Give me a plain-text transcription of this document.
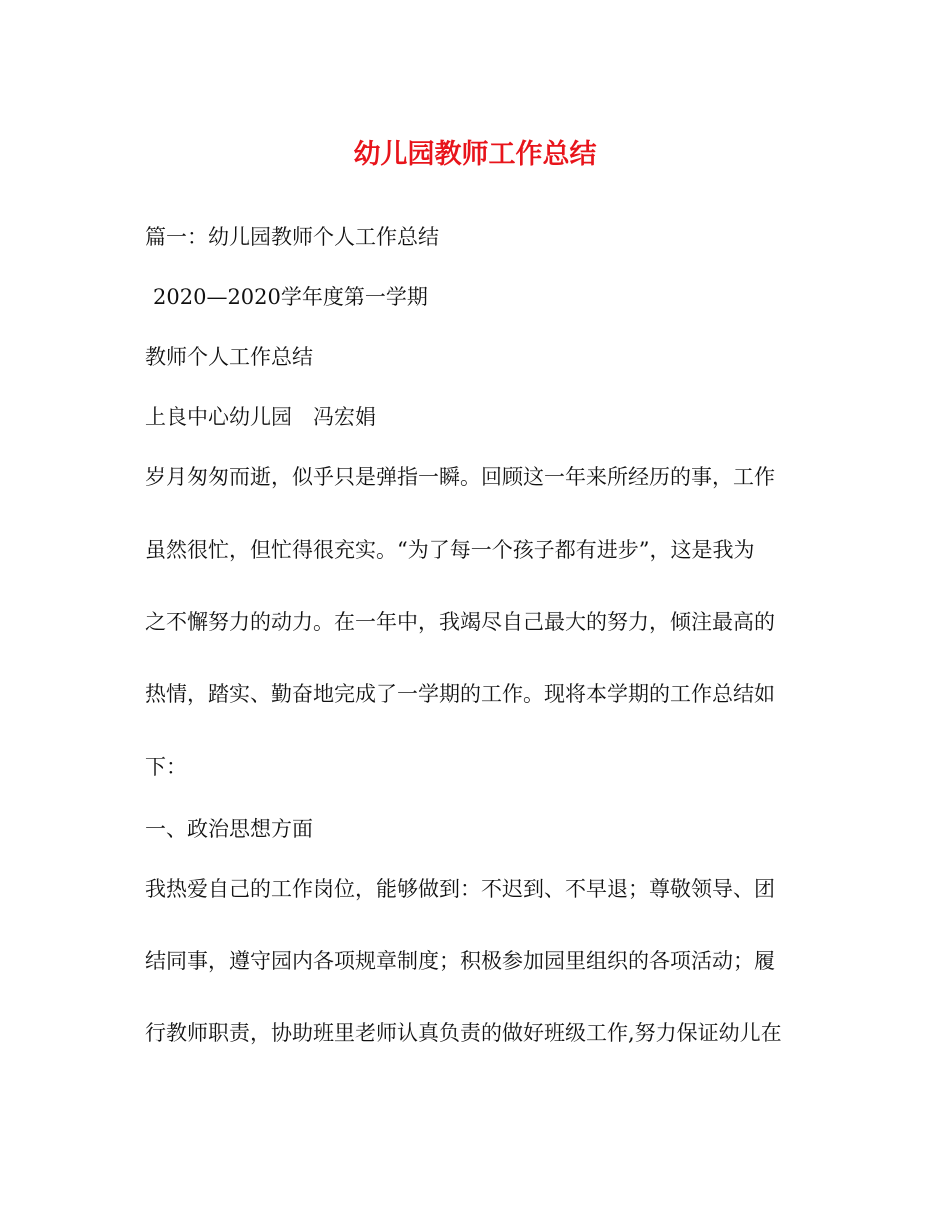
幼儿园教师工作总结
篇一：幼儿园教师个人工作总结
2020—2020学年度第一学期
教师个人工作总结
上良中心幼儿园　冯宏娟
岁月匆匆而逝，似乎只是弹指一瞬。回顾这一年来所经历的事，工作
虽然很忙，但忙得很充实。“为了每一个孩子都有进步”，这是我为
之不懈努力的动力。在一年中，我竭尽自己最大的努力，倾注最高的
热情，踏实、勤奋地完成了一学期的工作。现将本学期的工作总结如
下：
一、政治思想方面
我热爱自己的工作岗位，能够做到：不迟到、不早退；尊敬领导、团
结同事，遵守园内各项规章制度；积极参加园里组织的各项活动；履
行教师职责，协助班里老师认真负责的做好班级工作,努力保证幼儿在
